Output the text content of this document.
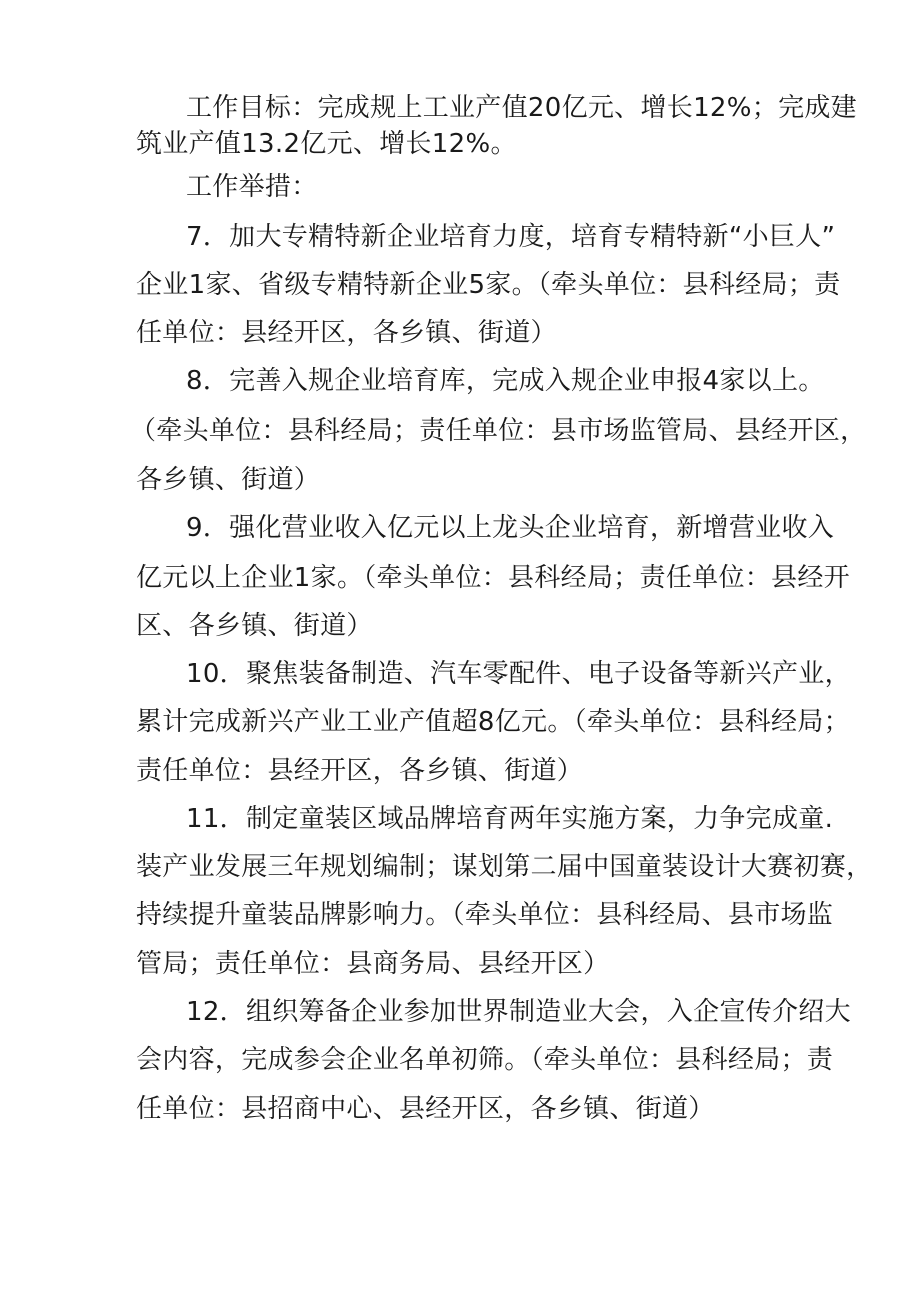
工作目标：完成规上工业产值20亿元、增长12%；完成建
筑业产值13.2亿元、增长12%。
工作举措：
7．加大专精特新企业培育力度，培育专精特新“小巨人”
企业1家、省级专精特新企业5家。（牵头单位：县科经局；责
任单位：县经开区，各乡镇、街道）
8．完善入规企业培育库，完成入规企业申报4家以上。
（牵头单位：县科经局；责任单位：县市场监管局、县经开区，
各乡镇、街道）
9．强化营业收入亿元以上龙头企业培育，新增营业收入
亿元以上企业1家。（牵头单位：县科经局；责任单位：县经开
区、各乡镇、街道）
10．聚焦装备制造、汽车零配件、电子设备等新兴产业，
累计完成新兴产业工业产值超8亿元。（牵头单位：县科经局；
责任单位：县经开区，各乡镇、街道）
11．制定童装区域品牌培育两年实施方案，力争完成童.
装产业发展三年规划编制；谋划第二届中国童装设计大赛初赛，
持续提升童装品牌影响力。（牵头单位：县科经局、县市场监
管局；责任单位：县商务局、县经开区）
12．组织筹备企业参加世界制造业大会，入企宣传介绍大
会内容，完成参会企业名单初筛。（牵头单位：县科经局；责
任单位：县招商中心、县经开区，各乡镇、街道）
